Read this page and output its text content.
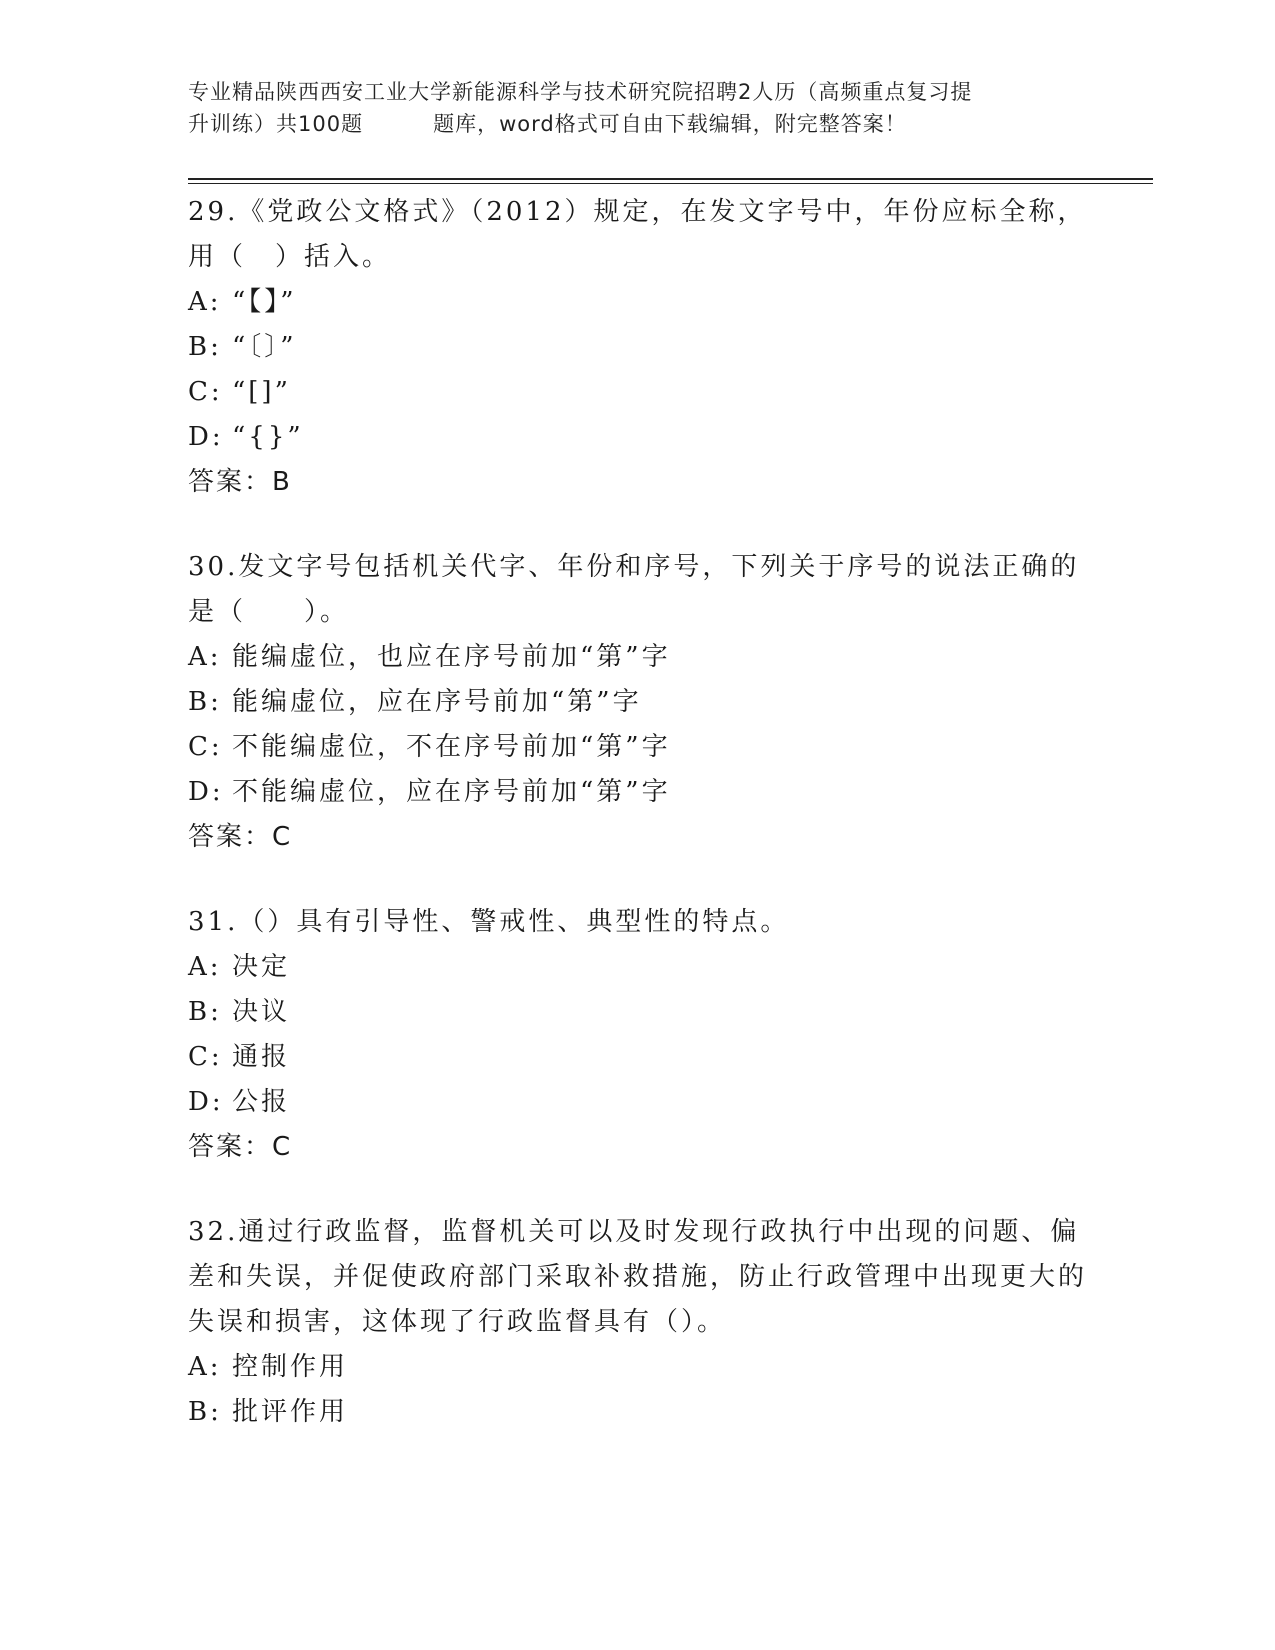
专业精品陕西西安工业大学新能源科学与技术研究院招聘2人历（高频重点复习提
升训练）共100题	题库，word格式可自由下载编辑，附完整答案！

29.《党政公文格式》（2012）规定，在发文字号中，年份应标全称，用（　）括入。

A: “【】”

B: “〔〕”

C: “[]”

D: “{}”

答案：B

30.发文字号包括机关代字、年份和序号，下列关于序号的说法正确的是（　　）。

A: 能编虚位，也应在序号前加“第”字

B: 能编虚位，应在序号前加“第”字

C: 不能编虚位，不在序号前加“第”字

D: 不能编虚位，应在序号前加“第”字

答案：C

31.（）具有引导性、警戒性、典型性的特点。

A: 决定

B: 决议

C: 通报

D: 公报

答案：C

32.通过行政监督，监督机关可以及时发现行政执行中出现的问题、偏差和失误，并促使政府部门采取补救措施，防止行政管理中出现更大的失误和损害，这体现了行政监督具有（）。

A: 控制作用

B: 批评作用
